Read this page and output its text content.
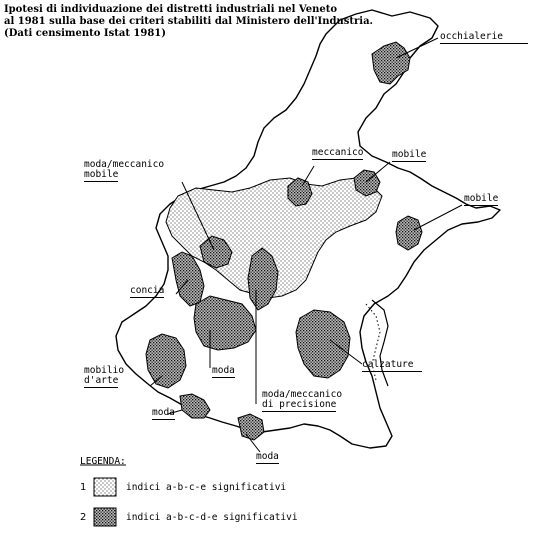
Ipotesi di individuazione dei distretti industriali nel Veneto
al 1981 sulla base dei criteri stabiliti dal Ministero dell'Industria.
(Dati censimento Istat 1981)	occhialerie
meccanico	mobile
mobile
moda/meccanico
mobile
concia
moda
calzature
mobilio
d'arte
moda
moda/meccanico
di precisione
moda
LEGENDA:
1	indici a-b-c-e significativi
2	indici a-b-c-d-e significativi
